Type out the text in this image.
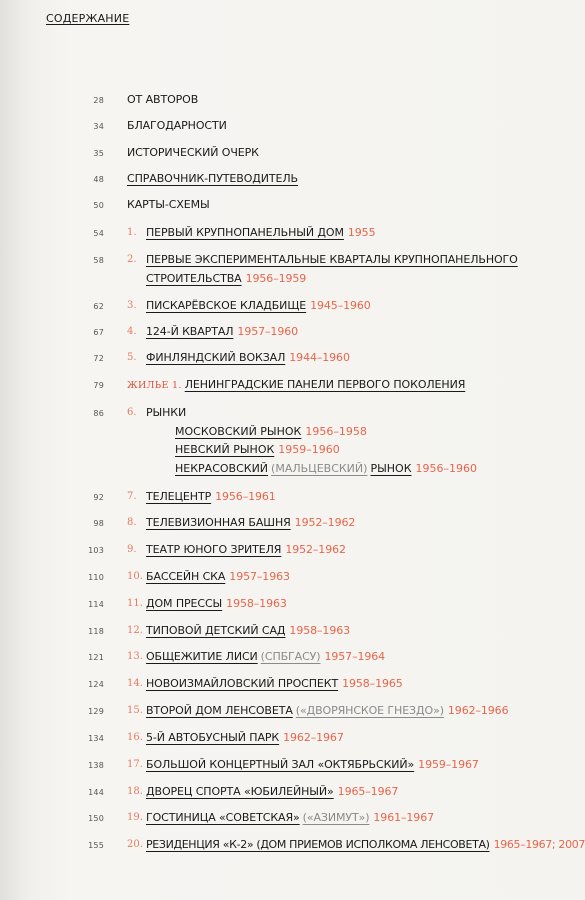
СОДЕРЖАНИЕ
28 ОТ АВТОРОВ
34 БЛАГОДАРНОСТИ
35 ИСТОРИЧЕСКИЙ ОЧЕРК
48 СПРАВОЧНИК-ПУТЕВОДИТЕЛЬ
50 КАРТЫ-СХЕМЫ
54 1. ПЕРВЫЙ КРУПНОПАНЕЛЬНЫЙ ДОМ 1955
58 2. ПЕРВЫЕ ЭКСПЕРИМЕНТАЛЬНЫЕ КВАРТАЛЫ КРУПНОПАНЕЛЬНОГО
СТРОИТЕЛЬСТВА 1956–1959
62 3. ПИСКАРЁВСКОЕ КЛАДБИЩЕ 1945–1960
67 4. 124-Й КВАРТАЛ 1957–1960
72 5. ФИНЛЯНДСКИЙ ВОКЗАЛ 1944–1960
79 ЖИЛЬЕ 1. ЛЕНИНГРАДСКИЕ ПАНЕЛИ ПЕРВОГО ПОКОЛЕНИЯ
86 6. РЫНКИ
МОСКОВСКИЙ РЫНОК 1956–1958
НЕВСКИЙ РЫНОК 1959–1960
НЕКРАСОВСКИЙ (МАЛЬЦЕВСКИЙ) РЫНОК 1956–1960
92 7. ТЕЛЕЦЕНТР 1956–1961
98 8. ТЕЛЕВИЗИОННАЯ БАШНЯ 1952–1962
103 9. ТЕАТР ЮНОГО ЗРИТЕЛЯ 1952–1962
110 10. БАССЕЙН СКА 1957–1963
114 11. ДОМ ПРЕССЫ 1958–1963
118 12. ТИПОВОЙ ДЕТСКИЙ САД 1958–1963
121 13. ОБЩЕЖИТИЕ ЛИСИ (СПБГАСУ) 1957–1964
124 14. НОВОИЗМАЙЛОВСКИЙ ПРОСПЕКТ 1958–1965
129 15. ВТОРОЙ ДОМ ЛЕНСОВЕТА («ДВОРЯНСКОЕ ГНЕЗДО») 1962–1966
134 16. 5-Й АВТОБУСНЫЙ ПАРК 1962–1967
138 17. БОЛЬШОЙ КОНЦЕРТНЫЙ ЗАЛ «ОКТЯБРЬСКИЙ» 1959–1967
144 18. ДВОРЕЦ СПОРТА «ЮБИЛЕЙНЫЙ» 1965–1967
150 19. ГОСТИНИЦА «СОВЕТСКАЯ» («АЗИМУТ») 1961–1967
155 20. РЕЗИДЕНЦИЯ «К-2» (ДОМ ПРИЕМОВ ИСПОЛКОМА ЛЕНСОВЕТА) 1965–1967; 2007
